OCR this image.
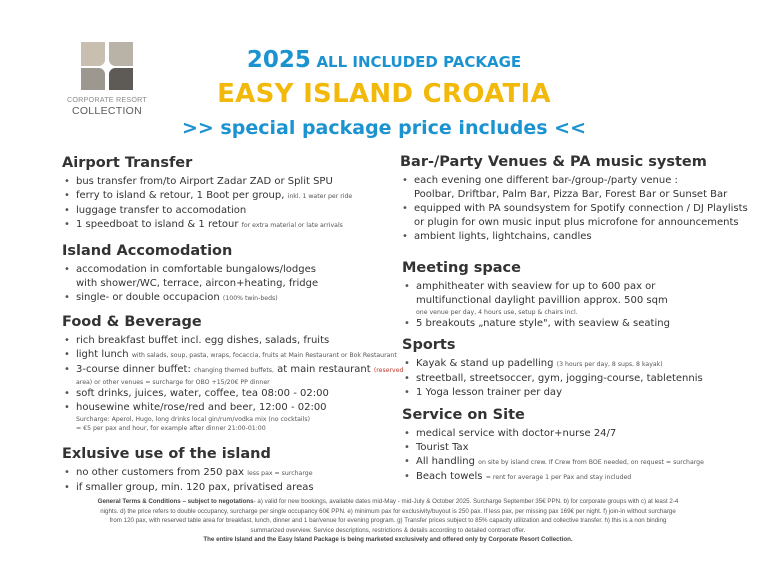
CORPORATE RESORT
COLLECTION
2025 ALL INCLUDED PACKAGE
EASY ISLAND CROATIA
>> special package price includes <<
Airport Transfer
• bus transfer from/to Airport Zadar ZAD or Split SPU
• ferry to island & retour, 1 Boot per group, inkl. 1 water per ride
• luggage transfer to accomodation
• 1 speedboat to island & 1 retour for extra material or late arrivals
Island Accomodation
• accomodation in comfortable bungalows/lodges
with shower/WC, terrace, aircon+heating, fridge
• single- or double occupacion (100% twin-beds)
Food & Beverage
• rich breakfast buffet incl. egg dishes, salads, fruits
• light lunch with salads, soup, pasta, wraps, focaccia, fruits at Main Restaurant or Bok Restaurant
• 3-course dinner buffet: changing themed buffets, at main restaurant (reserved
area) or other venues = surcharge for OBO +15/20€ PP dinner
• soft drinks, juices, water, coffee, tea 08:00 - 02:00
• housewine white/rose/red and beer, 12:00 - 02:00
Surcharge: Aperol, Hugo, long drinks local gin/rum/vodka mix (no cocktails)
= €5 per pax and hour, for example after dinner 21:00-01:00
Exlusive use of the island
• no other customers from 250 pax less pax = surcharge
• if smaller group, min. 120 pax, privatised areas
Bar-/Party Venues & PA music system
• each evening one different bar-/group-/party venue :
Poolbar, Driftbar, Palm Bar, Pizza Bar, Forest Bar or Sunset Bar
• equipped with PA soundsystem for Spotify connection / DJ Playlists
or plugin for own music input plus microfone for announcements
• ambient lights, lightchains, candles
Meeting space
• amphitheater with seaview for up to 600 pax or
multifunctional daylight pavillion approx. 500 sqm
one venue per day, 4 hours use, setup & chairs incl.
• 5 breakouts „nature style", with seaview & seating
Sports
• Kayak & stand up padelling (3 hours per day, 8 sups, 8 kayak)
• streetball, streetsoccer, gym, jogging-course, tabletennis
• 1 Yoga lesson trainer per day
Service on Site
• medical service with doctor+nurse 24/7
• Tourist Tax
• All handling on site by island crew. If Crew from BOE needed, on request = surcharge
• Beach towels = rent for average 1 per Pax and stay included
General Terms & Conditions – subject to negotations- a) valid for new bookings, available dates mid-May - mid-July & October 2025. Surcharge September 35€ PPN. b) for corporate groups with c) at least 2-4
nights. d) the price refers to double occupancy, surcharge per single occupancy 60€ PPN. e) minimum pax for exclusivity/buyout is 250 pax. If less pax, per missing pax 169€ per night. f) join-in without surcharge
from 120 pax, with reserved table area for breakfast, lunch, dinner and 1 bar/venue for evening program. g) Transfer prices subject to 85% capacity utilization and collective transfer. h) this is a non binding
summarized overview. Service descriptions, restrictions & details according to detailed contract offer.
The entire Island and the Easy Island Package is being marketed exclusively and offered only by Corporate Resort Collection.
